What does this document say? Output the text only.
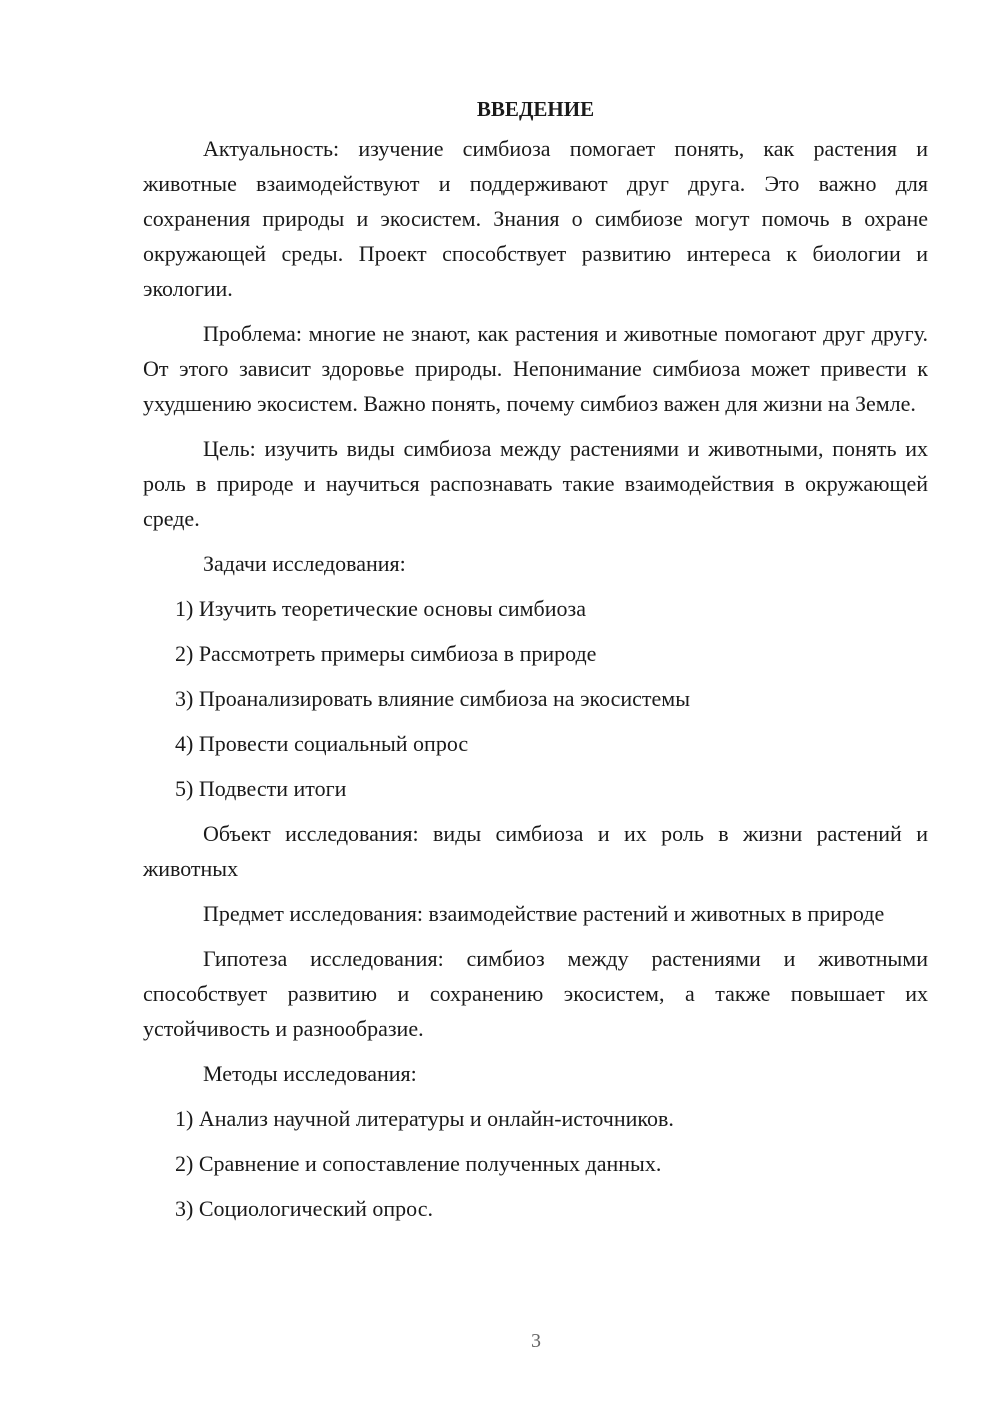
ВВЕДЕНИЕ

Актуальность: изучение симбиоза помогает понять, как растения и животные взаимодействуют и поддерживают друг друга. Это важно для сохранения природы и экосистем. Знания о симбиозе могут помочь в охране окружающей среды. Проект способствует развитию интереса к биологии и экологии.

Проблема: многие не знают, как растения и животные помогают друг другу. От этого зависит здоровье природы. Непонимание симбиоза может привести к ухудшению экосистем. Важно понять, почему симбиоз важен для жизни на Земле.

Цель: изучить виды симбиоза между растениями и животными, понять их роль в природе и научиться распознавать такие взаимодействия в окружающей среде.

Задачи исследования:

1) Изучить теоретические основы симбиоза
2) Рассмотреть примеры симбиоза в природе
3) Проанализировать влияние симбиоза на экосистемы
4) Провести социальный опрос
5) Подвести итоги

Объект исследования: виды симбиоза и их роль в жизни растений и животных

Предмет исследования: взаимодействие растений и животных в природе

Гипотеза исследования: симбиоз между растениями и животными способствует развитию и сохранению экосистем, а также повышает их устойчивость и разнообразие.

Методы исследования:

1) Анализ научной литературы и онлайн-источников.
2) Сравнение и сопоставление полученных данных.
3) Социологический опрос.
3
